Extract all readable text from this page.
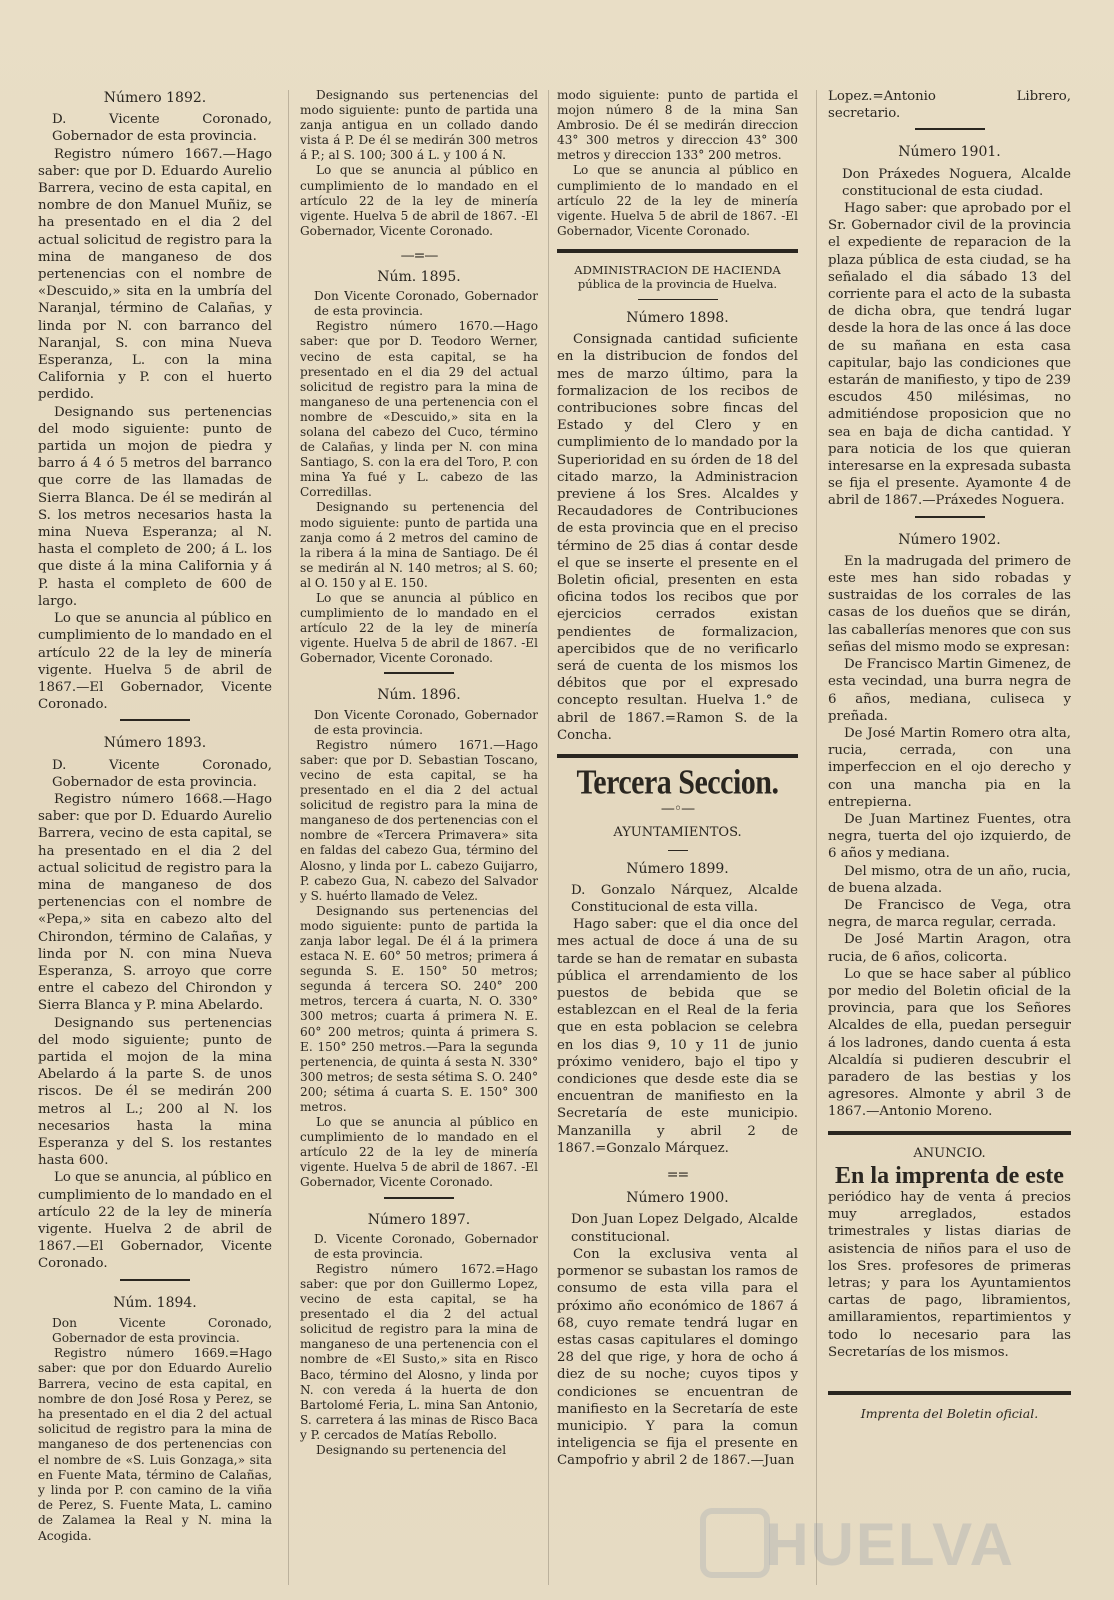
Número 1892.

D. Vicente Coronado, Gobernador de esta provincia.

Registro número 1667.—Hago saber: que por D. Eduardo Aurelio Barrera, vecino de esta capital, en nombre de don Manuel Muñiz, se ha presentado en el dia 2 del actual solicitud de registro para la mina de manganeso de dos pertenencias con el nombre de «Descuido,» sita en la umbría del Naranjal, término de Calañas, y linda por N. con barranco del Naranjal, S. con mina Nueva Esperanza, L. con la mina California y P. con el huerto perdido.

Designando sus pertenencias del modo siguiente: punto de partida un mojon de piedra y barro á 4 ó 5 metros del barranco que corre de las llamadas de Sierra Blanca. De él se medirán al S. los metros necesarios hasta la mina Nueva Esperanza; al N. hasta el completo de 200; á L. los que diste á la mina California y á P. hasta el completo de 600 de largo.

Lo que se anuncia al público en cumplimiento de lo mandado en el artículo 22 de la ley de minería vigente. Huelva 5 de abril de 1867.—El Gobernador, Vicente Coronado.

Número 1893.

D. Vicente Coronado, Gobernador de esta provincia.

Registro número 1668.—Hago saber: que por D. Eduardo Aurelio Barrera, vecino de esta capital, se ha presentado en el dia 2 del actual solicitud de registro para la mina de manganeso de dos pertenencias con el nombre de «Pepa,» sita en cabezo alto del Chirondon, término de Calañas, y linda por N. con mina Nueva Esperanza, S. arroyo que corre entre el cabezo del Chirondon y Sierra Blanca y P. mina Abelardo.

Designando sus pertenencias del modo siguiente; punto de partida el mojon de la mina Abelardo á la parte S. de unos riscos. De él se medirán 200 metros al L.; 200 al N. los necesarios hasta la mina Esperanza y del S. los restantes hasta 600.

Lo que se anuncia, al público en cumplimiento de lo mandado en el artículo 22 de la ley de minería vigente. Huelva 2 de abril de 1867.—El Gobernador, Vicente Coronado.

Núm. 1894.

Don Vicente Coronado, Gobernador de esta provincia.

Registro número 1669.=Hago saber: que por don Eduardo Aurelio Barrera, vecino de esta capital, en nombre de don José Rosa y Perez, se ha presentado en el dia 2 del actual solicitud de registro para la mina de manganeso de dos pertenencias con el nombre de «S. Luis Gonzaga,» sita en Fuente Mata, término de Calañas, y linda por P. con camino de la viña de Perez, S. Fuente Mata, L. camino de Zalamea la Real y N. mina la Acogida.

Designando sus pertenencias del modo siguiente: punto de partida una zanja antigua en un collado dando vista á P. De él se medirán 300 metros á P.; al S. 100; 300 á L. y 100 á N.

Lo que se anuncia al público en cumplimiento de lo mandado en el artículo 22 de la ley de minería vigente. Huelva 5 de abril de 1867. -El Gobernador, Vicente Coronado.

—=—
Núm. 1895.

Don Vicente Coronado, Gobernador de esta provincia.

Registro número 1670.—Hago saber: que por D. Teodoro Werner, vecino de esta capital, se ha presentado en el dia 29 del actual solicitud de registro para la mina de manganeso de una pertenencia con el nombre de «Descuido,» sita en la solana del cabezo del Cuco, término de Calañas, y linda per N. con mina Santiago, S. con la era del Toro, P. con mina Ya fué y L. cabezo de las Corredillas.

Designando su pertenencia del modo siguiente: punto de partida una zanja como á 2 metros del camino de la ribera á la mina de Santiago. De él se medirán al N. 140 metros; al S. 60; al O. 150 y al E. 150.

Lo que se anuncia al público en cumplimiento de lo mandado en el artículo 22 de la ley de minería vigente. Huelva 5 de abril de 1867. -El Gobernador, Vicente Coronado.

Núm. 1896.

Don Vicente Coronado, Gobernador de esta provincia.

Registro número 1671.—Hago saber: que por D. Sebastian Toscano, vecino de esta capital, se ha presentado en el dia 2 del actual solicitud de registro para la mina de manganeso de dos pertenencias con el nombre de «Tercera Primavera» sita en faldas del cabezo Gua, término del Alosno, y linda por L. cabezo Guijarro, P. cabezo Gua, N. cabezo del Salvador y S. huérto llamado de Velez.

Designando sus pertenencias del modo siguiente: punto de partida la zanja labor legal. De él á la primera estaca N. E. 60° 50 metros; primera á segunda S. E. 150° 50 metros; segunda á tercera SO. 240° 200 metros, tercera á cuarta, N. O. 330° 300 metros; cuarta á primera N. E. 60° 200 metros; quinta á primera S. E. 150° 250 metros.—Para la segunda pertenencia, de quinta á sesta N. 330° 300 metros; de sesta sétima S. O. 240° 200; sétima á cuarta S. E. 150° 300 metros.

Lo que se anuncia al público en cumplimiento de lo mandado en el artículo 22 de la ley de minería vigente. Huelva 5 de abril de 1867. -El Gobernador, Vicente Coronado.

Número 1897.

D. Vicente Coronado, Gobernador de esta provincia.

Registro número 1672.=Hago saber: que por don Guillermo Lopez, vecino de esta capital, se ha presentado el dia 2 del actual solicitud de registro para la mina de manganeso de una pertenencia con el nombre de «El Susto,» sita en Risco Baco, término del Alosno, y linda por N. con vereda á la huerta de don Bartolomé Feria, L. mina San Antonio, S. carretera á las minas de Risco Baca y P. cercados de Matías Rebollo.

Designando su pertenencia del

modo siguiente: punto de partida el mojon número 8 de la mina San Ambrosio. De él se medirán direccion 43° 300 metros y direccion 43° 300 metros y direccion 133° 200 metros.

Lo que se anuncia al público en cumplimiento de lo mandado en el artículo 22 de la ley de minería vigente. Huelva 5 de abril de 1867. -El Gobernador, Vicente Coronado.

ADMINISTRACION DE HACIENDA
pública de la provincia de Huelva.
Número 1898.

Consignada cantidad suficiente en la distribucion de fondos del mes de marzo último, para la formalizacion de los recibos de contribuciones sobre fincas del Estado y del Clero y en cumplimiento de lo mandado por la Superioridad en su órden de 18 del citado marzo, la Administracion previene á los Sres. Alcaldes y Recaudadores de Contribuciones de esta provincia que en el preciso término de 25 dias á contar desde el que se inserte el presente en el Boletin oficial, presenten en esta oficina todos los recibos que por ejercicios cerrados existan pendientes de formalizacion, apercibidos que de no verificarlo será de cuenta de los mismos los débitos que por el expresado concepto resultan. Huelva 1.° de abril de 1867.=Ramon S. de la Concha.

Tercera Seccion.
—◦—
AYUNTAMIENTOS.
Número 1899.

D. Gonzalo Nárquez, Alcalde Constitucional de esta villa.

Hago saber: que el dia once del mes actual de doce á una de su tarde se han de rematar en subasta pública el arrendamiento de los puestos de bebida que se establezcan en el Real de la feria que en esta poblacion se celebra en los dias 9, 10 y 11 de junio próximo venidero, bajo el tipo y condiciones que desde este dia se encuentran de manifiesto en la Secretaría de este municipio. Manzanilla y abril 2 de 1867.=Gonzalo Márquez.

==
Número 1900.

Don Juan Lopez Delgado, Alcalde constitucional.

Con la exclusiva venta al pormenor se subastan los ramos de consumo de esta villa para el próximo año económico de 1867 á 68, cuyo remate tendrá lugar en estas casas capitulares el domingo 28 del que rige, y hora de ocho á diez de su noche; cuyos tipos y condiciones se encuentran de manifiesto en la Secretaría de este municipio. Y para la comun inteligencia se fija el presente en Campofrio y abril 2 de 1867.—Juan

Lopez.=Antonio Librero, secretario.

Número 1901.

Don Práxedes Noguera, Alcalde constitucional de esta ciudad.

Hago saber: que aprobado por el Sr. Gobernador civil de la provincia el expediente de reparacion de la plaza pública de esta ciudad, se ha señalado el dia sábado 13 del corriente para el acto de la subasta de dicha obra, que tendrá lugar desde la hora de las once á las doce de su mañana en esta casa capitular, bajo las condiciones que estarán de manifiesto, y tipo de 239 escudos 450 milésimas, no admitiéndose proposicion que no sea en baja de dicha cantidad. Y para noticia de los que quieran interesarse en la expresada subasta se fija el presente. Ayamonte 4 de abril de 1867.—Práxedes Noguera.

Número 1902.

En la madrugada del primero de este mes han sido robadas y sustraidas de los corrales de las casas de los dueños que se dirán, las caballerías menores que con sus señas del mismo modo se expresan:

De Francisco Martin Gimenez, de esta vecindad, una burra negra de 6 años, mediana, culiseca y preñada.

De José Martin Romero otra alta, rucia, cerrada, con una imperfeccion en el ojo derecho y con una mancha pia en la entrepierna.

De Juan Martinez Fuentes, otra negra, tuerta del ojo izquierdo, de 6 años y mediana.

Del mismo, otra de un año, rucia, de buena alzada.

De Francisco de Vega, otra negra, de marca regular, cerrada.

De José Martin Aragon, otra rucia, de 6 años, colicorta.

Lo que se hace saber al público por medio del Boletin oficial de la provincia, para que los Señores Alcaldes de ella, puedan perseguir á los ladrones, dando cuenta á esta Alcaldía si pudieren descubrir el paradero de las bestias y los agresores. Almonte y abril 3 de 1867.—Antonio Moreno.

ANUNCIO.
En la imprenta de este

periódico hay de venta á precios muy arreglados, estados trimestrales y listas diarias de asistencia de niños para el uso de los Sres. profesores de primeras letras; y para los Ayuntamientos cartas de pago, libramientos, amillaramientos, repartimientos y todo lo necesario para las Secretarías de los mismos.

Imprenta del Boletin oficial.
HUELVA
